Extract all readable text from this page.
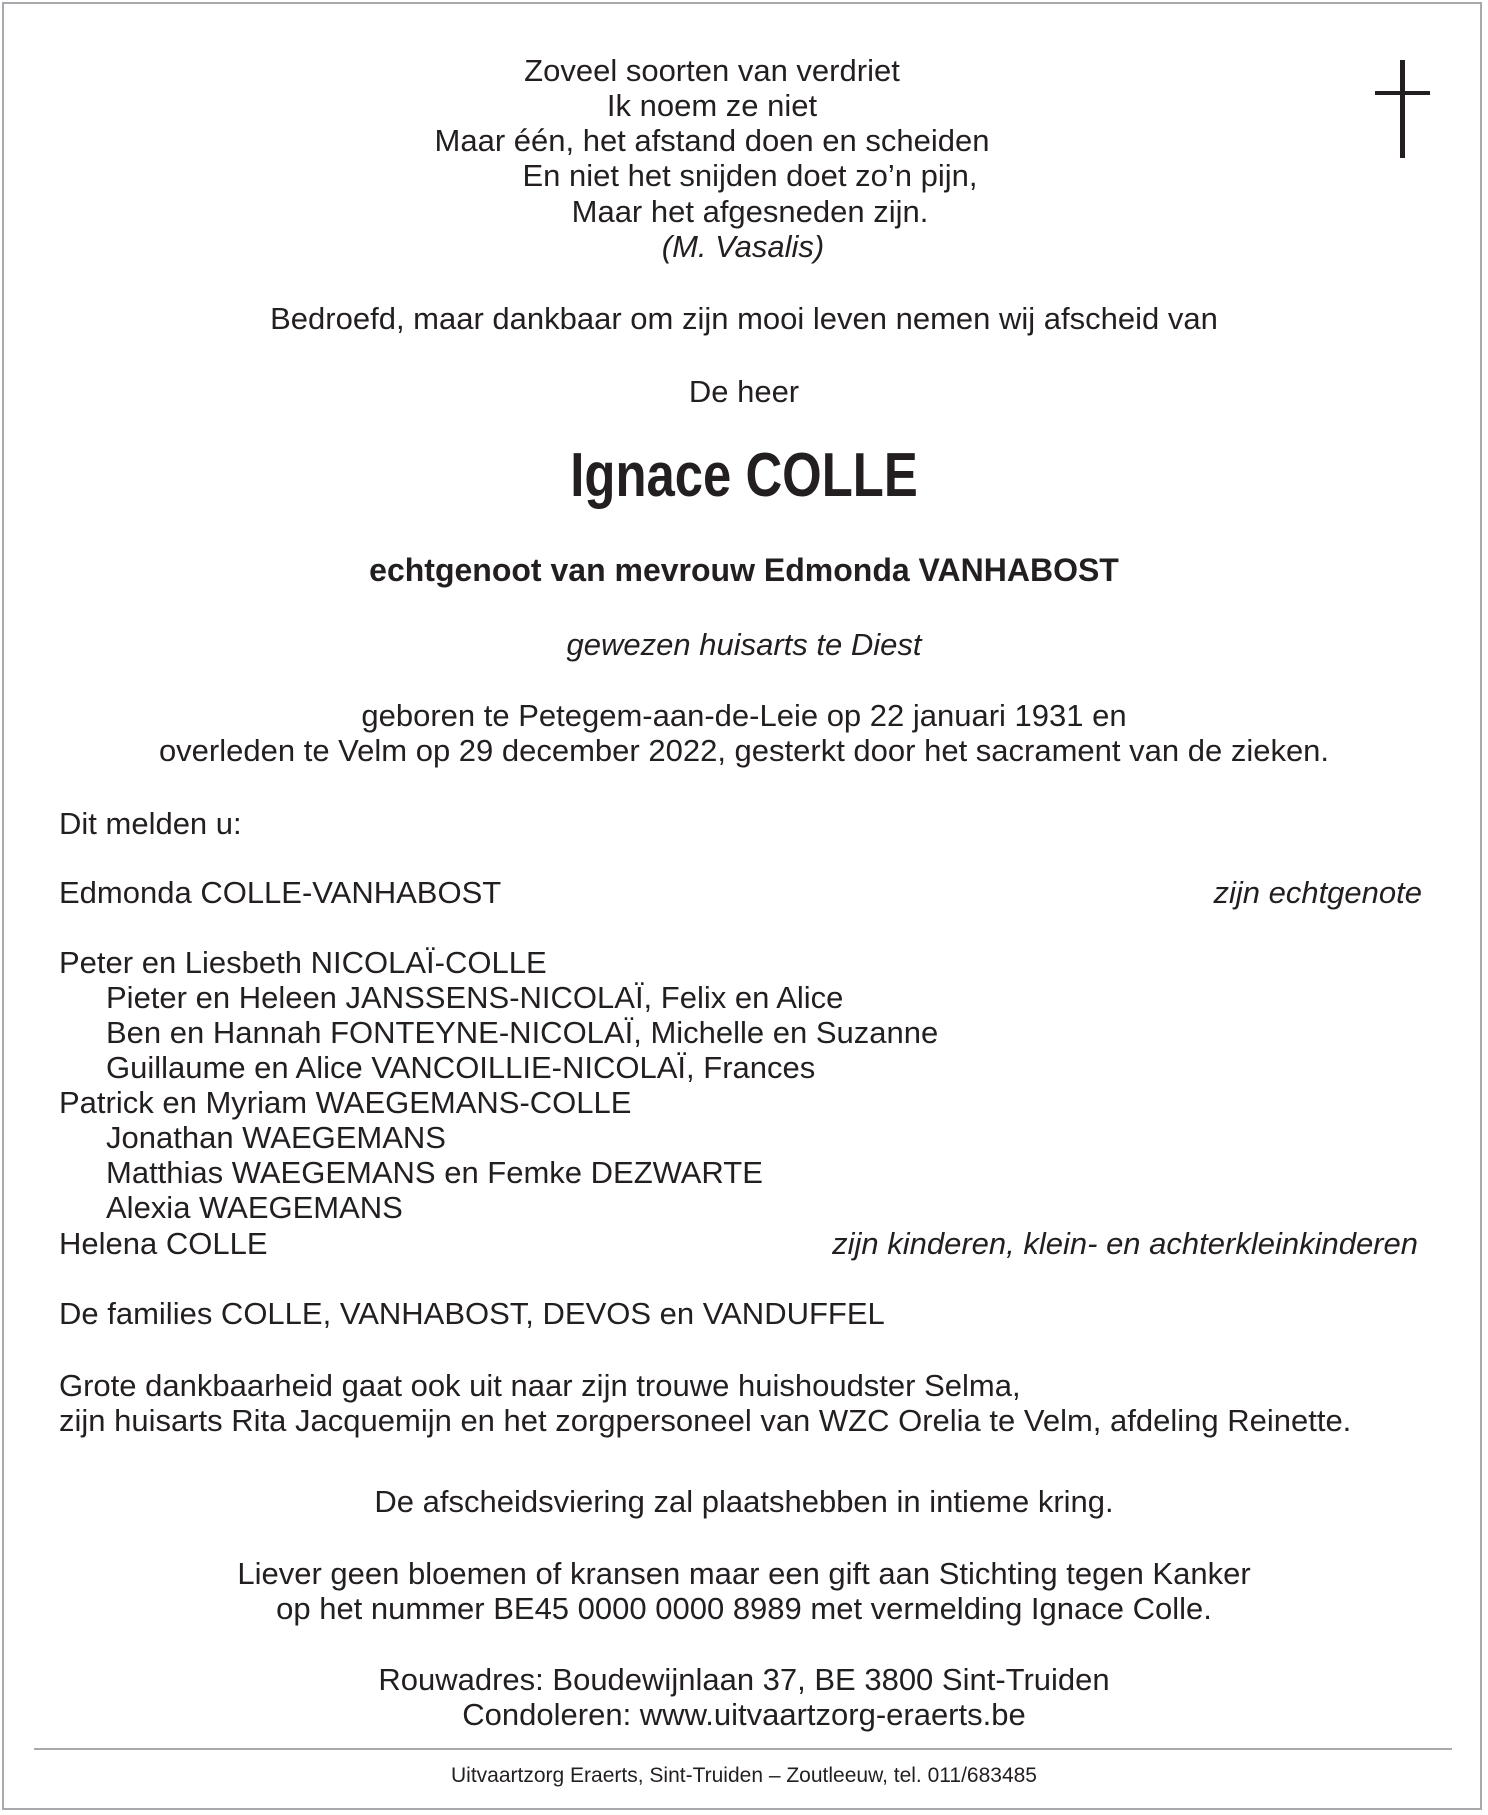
Zoveel soorten van verdriet
Ik noem ze niet
Maar één, het afstand doen en scheiden
En niet het snijden doet zo’n pijn,
Maar het afgesneden zijn.
(M. Vasalis)
Bedroefd, maar dankbaar om zijn mooi leven nemen wij afscheid van
De heer
Ignace COLLE
echtgenoot van mevrouw Edmonda VANHABOST
gewezen huisarts te Diest
geboren te Petegem-aan-de-Leie op 22 januari 1931 en
overleden te Velm op 29 december 2022, gesterkt door het sacrament van de zieken.
Dit melden u:
Edmonda COLLE-VANHABOST	zijn echtgenote
Peter en Liesbeth NICOLAÏ-COLLE
Pieter en Heleen JANSSENS-NICOLAÏ, Felix en Alice
Ben en Hannah FONTEYNE-NICOLAÏ, Michelle en Suzanne
Guillaume en Alice VANCOILLIE-NICOLAÏ, Frances
Patrick en Myriam WAEGEMANS-COLLE
Jonathan WAEGEMANS
Matthias WAEGEMANS en Femke DEZWARTE
Alexia WAEGEMANS
Helena COLLE	zijn kinderen, klein- en achterkleinkinderen
De families COLLE, VANHABOST, DEVOS en VANDUFFEL
Grote dankbaarheid gaat ook uit naar zijn trouwe huishoudster Selma,
zijn huisarts Rita Jacquemijn en het zorgpersoneel van WZC Orelia te Velm, afdeling Reinette.
De afscheidsviering zal plaatshebben in intieme kring.
Liever geen bloemen of kransen maar een gift aan Stichting tegen Kanker
op het nummer BE45 0000 0000 8989 met vermelding Ignace Colle.
Rouwadres: Boudewijnlaan 37, BE 3800 Sint-Truiden
Condoleren: www.uitvaartzorg-eraerts.be
Uitvaartzorg Eraerts, Sint-Truiden – Zoutleeuw, tel. 011/683485
